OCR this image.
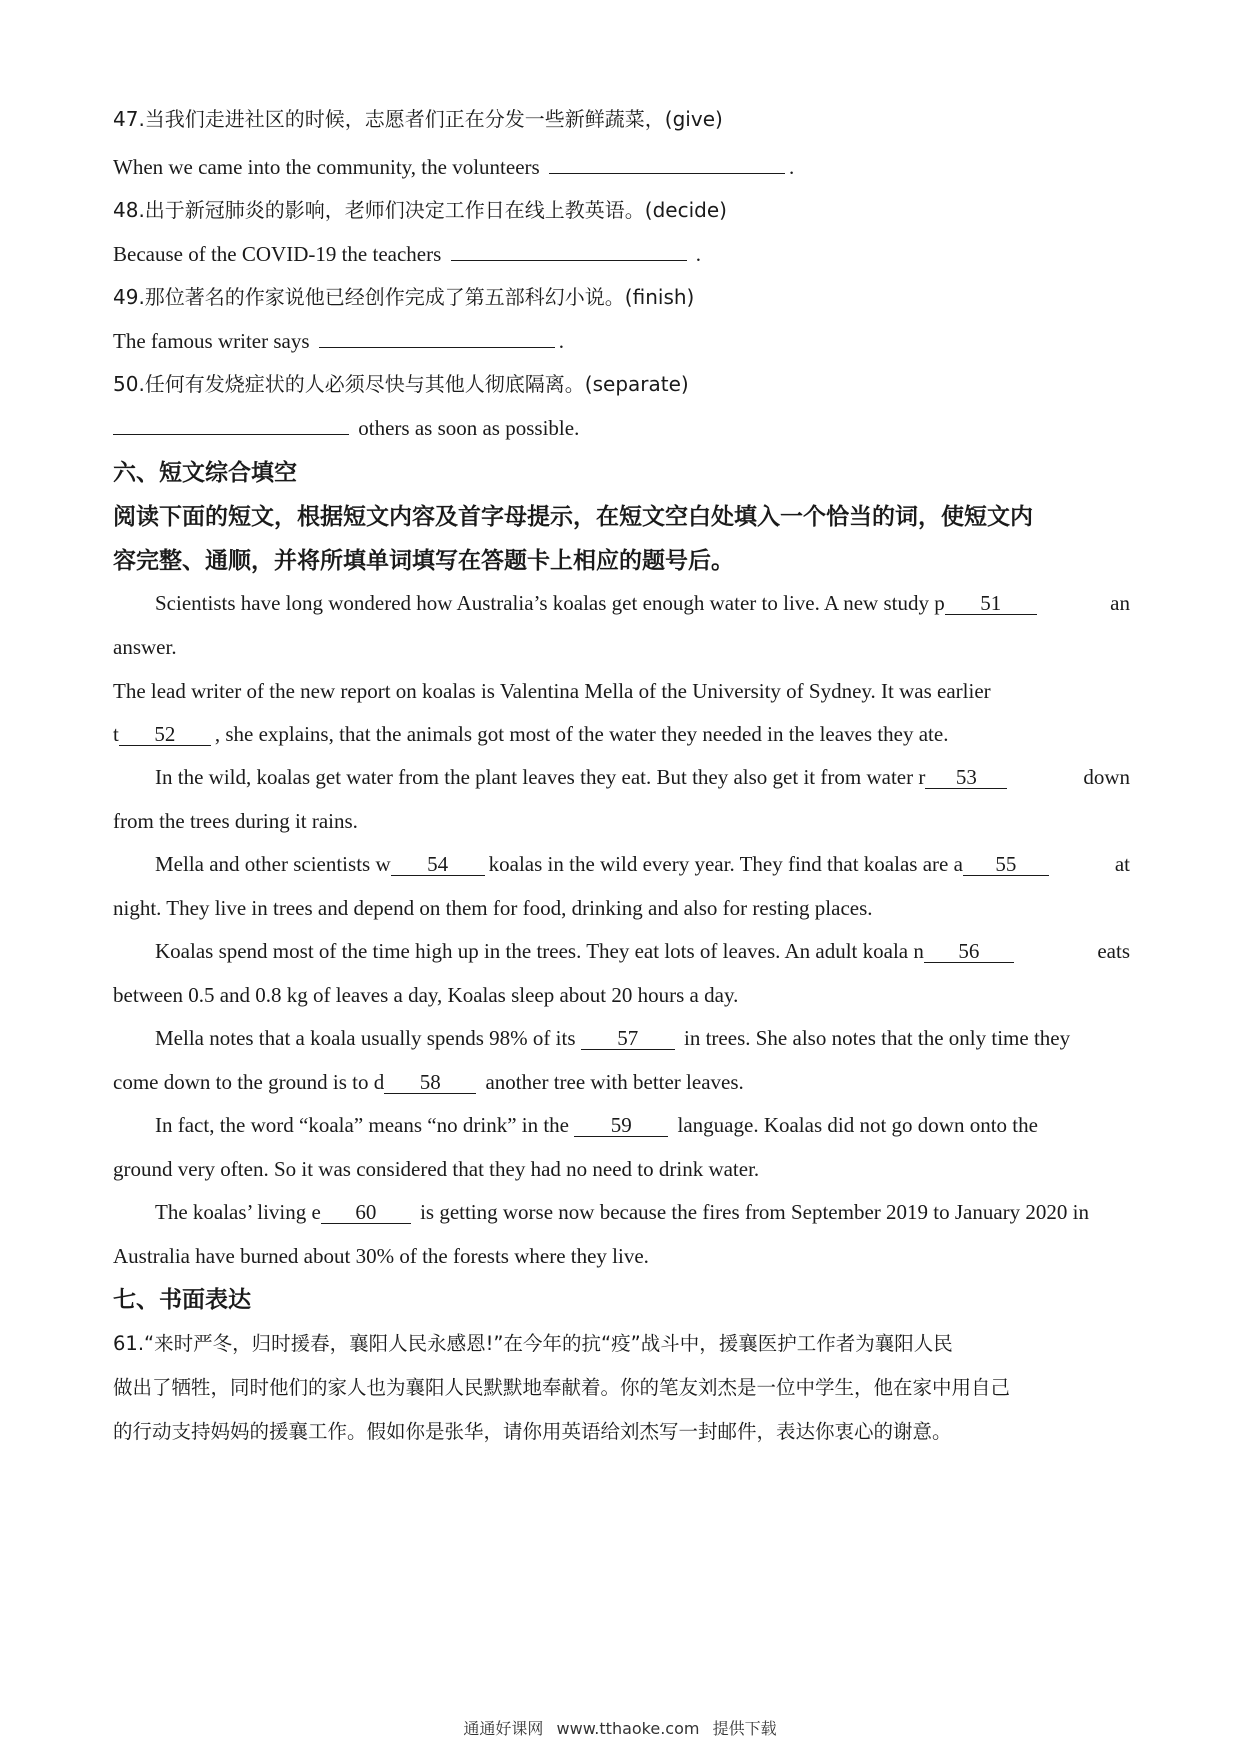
47.当我们走进社区的时候，志愿者们正在分发一些新鲜蔬菜，(give)
When we came into the community, the volunteers	.
48.出于新冠肺炎的影响，老师们决定工作日在线上教英语。(decide)
Because of the COVID-19 the teachers	.
49.那位著名的作家说他已经创作完成了第五部科幻小说。(finish)
The famous writer says	.
50.任何有发烧症状的人必须尽快与其他人彻底隔离。(separate)
others as soon as possible.
六、短文综合填空
阅读下面的短文，根据短文内容及首字母提示，在短文空白处填入一个恰当的词，使短文内
容完整、通顺，并将所填单词填写在答题卡上相应的题号后。
Scientists have long wondered how Australia’s koalas get enough water to live. A new study p 51	an
answer.
The lead writer of the new report on koalas is Valentina Mella of the University of Sydney. It was earlier
t 52 , she explains, that the animals got most of the water they needed in the leaves they ate.
In the wild, koalas get water from the plant leaves they eat. But they also get it from water r 53	down
from the trees during it rains.
Mella and other scientists w 54 koalas in the wild every year. They find that koalas are a 55	at
night. They live in trees and depend on them for food, drinking and also for resting places.
Koalas spend most of the time high up in the trees. They eat lots of leaves. An adult koala n 56	eats
between 0.5 and 0.8 kg of leaves a day, Koalas sleep about 20 hours a day.
Mella notes that a koala usually spends 98% of its 57 in trees. She also notes that the only time they
come down to the ground is to d 58 another tree with better leaves.
In fact, the word “koala” means “no drink” in the 59 language. Koalas did not go down onto the
ground very often. So it was considered that they had no need to drink water.
The koalas’ living e 60 is getting worse now because the fires from September 2019 to January 2020 in
Australia have burned about 30% of the forests where they live.
七、书面表达
61.“来时严冬，归时援春，襄阳人民永感恩!”在今年的抗“疫”战斗中，援襄医护工作者为襄阳人民
做出了牺牲，同时他们的家人也为襄阳人民默默地奉献着。你的笔友刘杰是一位中学生，他在家中用自己
的行动支持妈妈的援襄工作。假如你是张华，请你用英语给刘杰写一封邮件，表达你衷心的谢意。
通通好课网 www.tthaoke.com 提供下载
